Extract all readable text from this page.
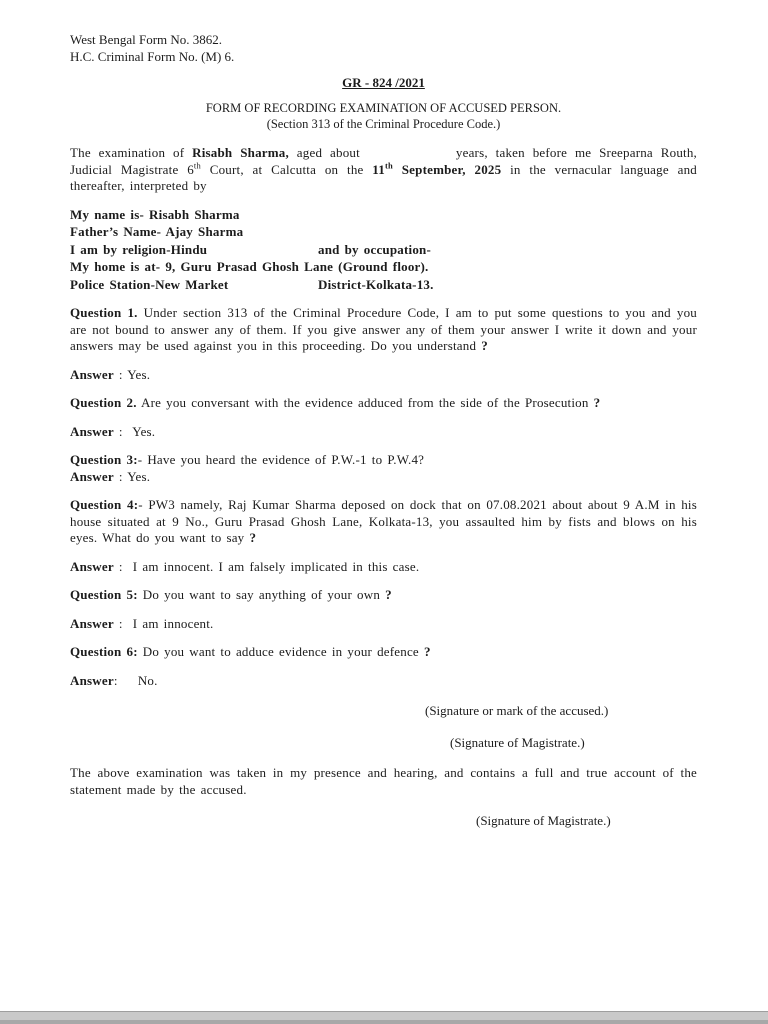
West Bengal Form No. 3862.
H.C. Criminal Form No. (M) 6.
GR - 824 /2021
FORM OF RECORDING EXAMINATION OF ACCUSED PERSON.
(Section 313 of the Criminal Procedure Code.)

The examination of Risabh Sharma, aged about	years, taken before me Sreeparna Routh, Judicial Magistrate 6th Court, at Calcutta on the 11th September, 2025 in the vernacular language and thereafter, interpreted by

My name is- Risabh Sharma
Father’s Name- Ajay Sharma
I am by religion-Hindu	and by occupation-
My home is at- 9, Guru Prasad Ghosh Lane (Ground floor).
Police Station-New Market	District-Kolkata-13.

Question 1. Under section 313 of the Criminal Procedure Code, I am to put some questions to you and you are not bound to answer any of them. If you give answer any of them your answer I write it down and your answers may be used against you in this proceeding. Do you understand ?

Answer : Yes.

Question 2. Are you conversant with the evidence adduced from the side of the Prosecution ?

Answer :  Yes.

Question 3:- Have you heard the evidence of P.W.-1 to P.W.4?

Answer : Yes.

Question 4:- PW3 namely, Raj Kumar Sharma deposed on dock that on 07.08.2021 about about 9 A.M in his house situated at 9 No., Guru Prasad Ghosh Lane, Kolkata-13, you assaulted him by fists and blows on his eyes. What do you want to say ?

Answer :  I am innocent. I am falsely implicated in this case.

Question 5: Do you want to say anything of your own ?

Answer :  I am innocent.

Question 6: Do you want to adduce evidence in your defence ?

Answer:    No.

(Signature or mark of the accused.)
(Signature of Magistrate.)

The above examination was taken in my presence and hearing, and contains a full and true account of the statement made by the accused.

(Signature of Magistrate.)
